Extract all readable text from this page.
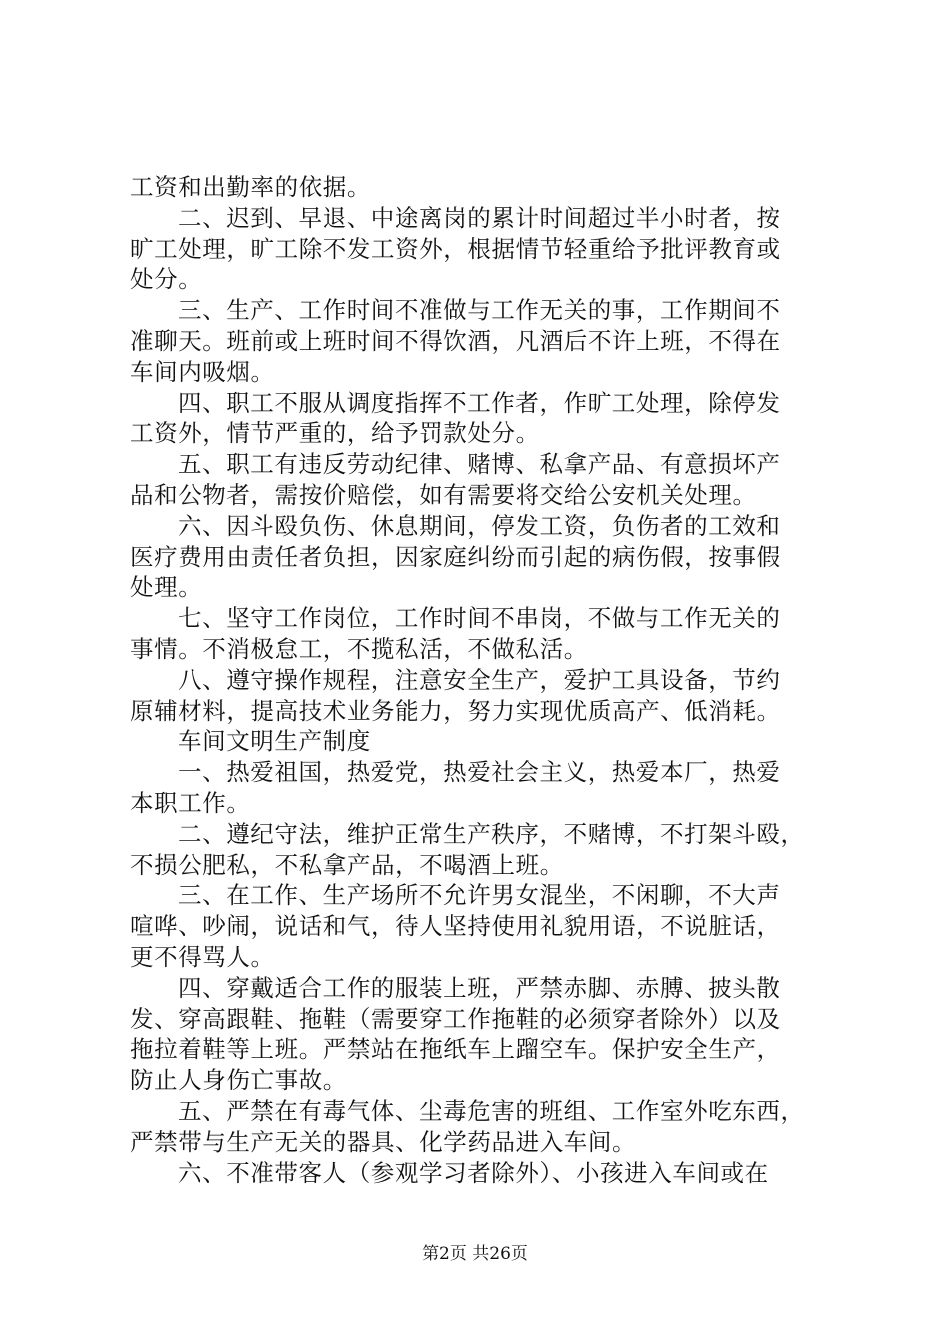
工资和出勤率的依据。
二、迟到、早退、中途离岗的累计时间超过半小时者，按
旷工处理，旷工除不发工资外，根据情节轻重给予批评教育或
处分。
三、生产、工作时间不准做与工作无关的事，工作期间不
准聊天。班前或上班时间不得饮酒，凡酒后不许上班，不得在
车间内吸烟。
四、职工不服从调度指挥不工作者，作旷工处理，除停发
工资外，情节严重的，给予罚款处分。
五、职工有违反劳动纪律、赌博、私拿产品、有意损坏产
品和公物者，需按价赔偿，如有需要将交给公安机关处理。
六、因斗殴负伤、休息期间，停发工资，负伤者的工效和
医疗费用由责任者负担，因家庭纠纷而引起的病伤假，按事假
处理。
七、坚守工作岗位，工作时间不串岗，不做与工作无关的
事情。不消极怠工，不揽私活，不做私活。
八、遵守操作规程，注意安全生产，爱护工具设备，节约
原辅材料，提高技术业务能力，努力实现优质高产、低消耗。
车间文明生产制度
一、热爱祖国，热爱党，热爱社会主义，热爱本厂，热爱
本职工作。
二、遵纪守法，维护正常生产秩序，不赌博，不打架斗殴，
不损公肥私，不私拿产品，不喝酒上班。
三、在工作、生产场所不允许男女混坐，不闲聊，不大声
喧哗、吵闹，说话和气，待人坚持使用礼貌用语，不说脏话，
更不得骂人。
四、穿戴适合工作的服装上班，严禁赤脚、赤膊、披头散
发、穿高跟鞋、拖鞋（需要穿工作拖鞋的必须穿者除外）以及
拖拉着鞋等上班。严禁站在拖纸车上蹓空车。保护安全生产，
防止人身伤亡事故。
五、严禁在有毒气体、尘毒危害的班组、工作室外吃东西，
严禁带与生产无关的器具、化学药品进入车间。
六、不准带客人（参观学习者除外）、小孩进入车间或在
第2页 共26页
